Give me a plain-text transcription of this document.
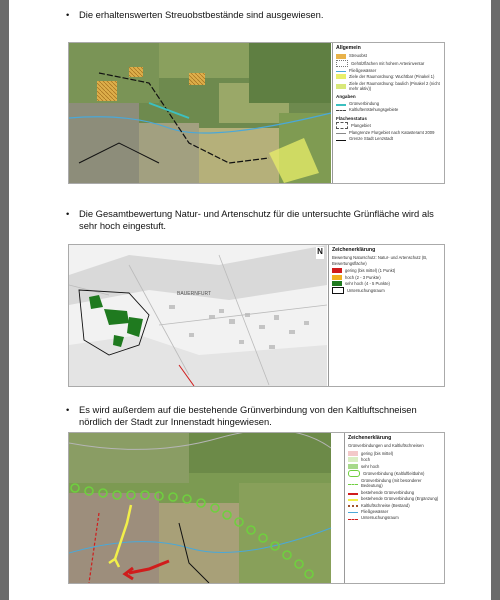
• Die erhaltenswerten Streuobstbestände sind ausgewiesen.
Allgemein
Streuobst
Gehölzflächen mit hohem Arteninventar
Fließgewässer
Ziele der Raumordnung: Wuchtbar (Pinakel 1)
Ziele der Raumordnung: baulich (Pinakel 2 (nicht mehr aktiv))
Angaben
Grünverbindung
Kaltluftentstehungsgebiete
Flächenstatus
Plangebiet
Plangrenze Flurgebiet nach Katasteramt 2009
Grenze Stadt Lenzstadt
• Die Gesamtbewertung Natur- und Artenschutz für die untersuchte Grünfläche wird als sehr hoch eingestuft.
BAUERNFURT
N Zeichenerklärung
Bewertung Naturschutz: Natur- und Artenschutz (B, Bewertungsfläche)
gering (bis mittel) (1 Punkt)
hoch (2 - 3 Punkte)
sehr hoch (4 - 5 Punkte)
Untersuchungsraum
• Es wird außerdem auf die bestehende Grünverbindung von den Kaltluftschneisen nördlich der Stadt zur Innenstadt hingewiesen.
N Zeichenerklärung
Grünverbindungen und Kaltluftschneisen
gering (bis mittel)
hoch
sehr hoch
Grünverbindung (Kaltluftleitbahn)
Grünverbindung (mit besonderer Bedeutung)
bestehende Grünverbindung
bestehende Grünverbindung (Ergänzung)
Kaltluftschneise (Bestand)
Fließgewässer
Untersuchungsraum
